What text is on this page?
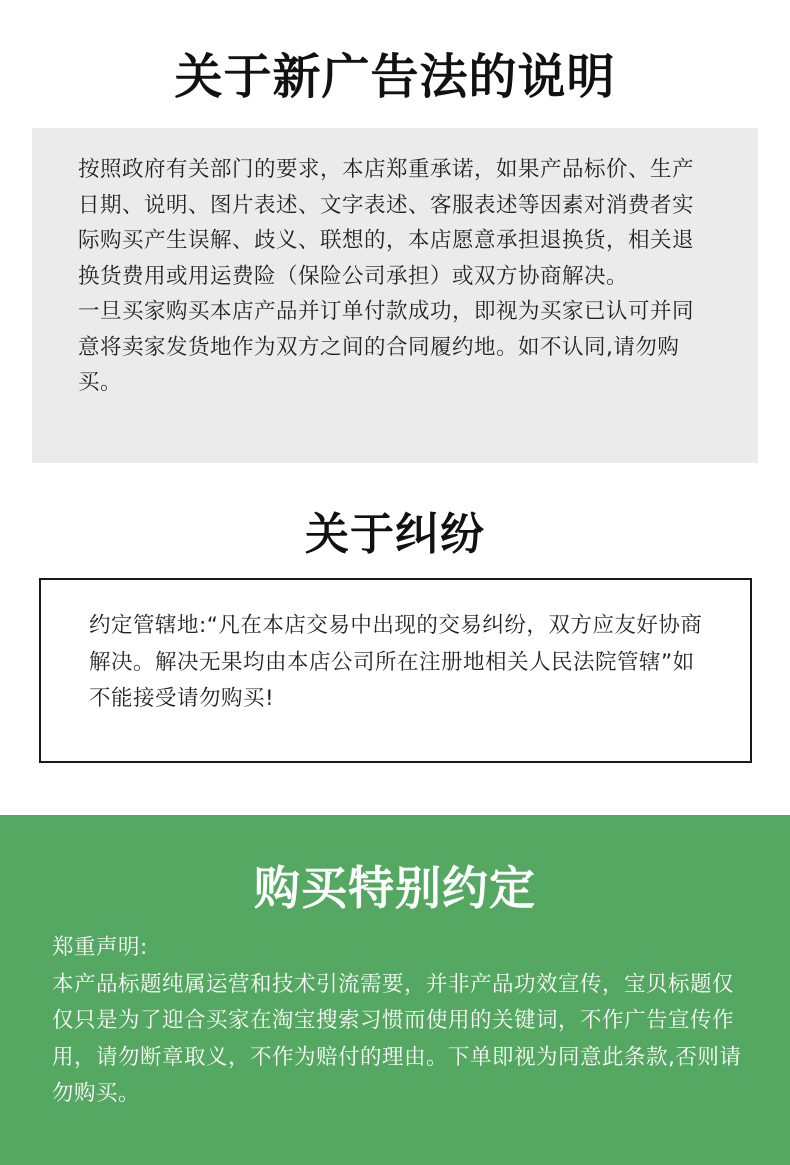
关于新广告法的说明

按照政府有关部门的要求，本店郑重承诺，如果产品标价、生产日期、说明、图片表述、文字表述、客服表述等因素对消费者实际购买产生误解、歧义、联想的，本店愿意承担退换货，相关退换货费用或用运费险（保险公司承担）或双方协商解决。

一旦买家购买本店产品并订单付款成功，即视为买家已认可并同意将卖家发货地作为双方之间的合同履约地。如不认同,请勿购买。

关于纠纷

约定管辖地:“凡在本店交易中出现的交易纠纷，双方应友好协商解决。解决无果均由本店公司所在注册地相关人民法院管辖”如不能接受请勿购买!

购买特别约定

郑重声明:

本产品标题纯属运营和技术引流需要，并非产品功效宣传，宝贝标题仅仅只是为了迎合买家在淘宝搜索习惯而使用的关键词，不作广告宣传作用，请勿断章取义，不作为赔付的理由。下单即视为同意此条款,否则请勿购买。
